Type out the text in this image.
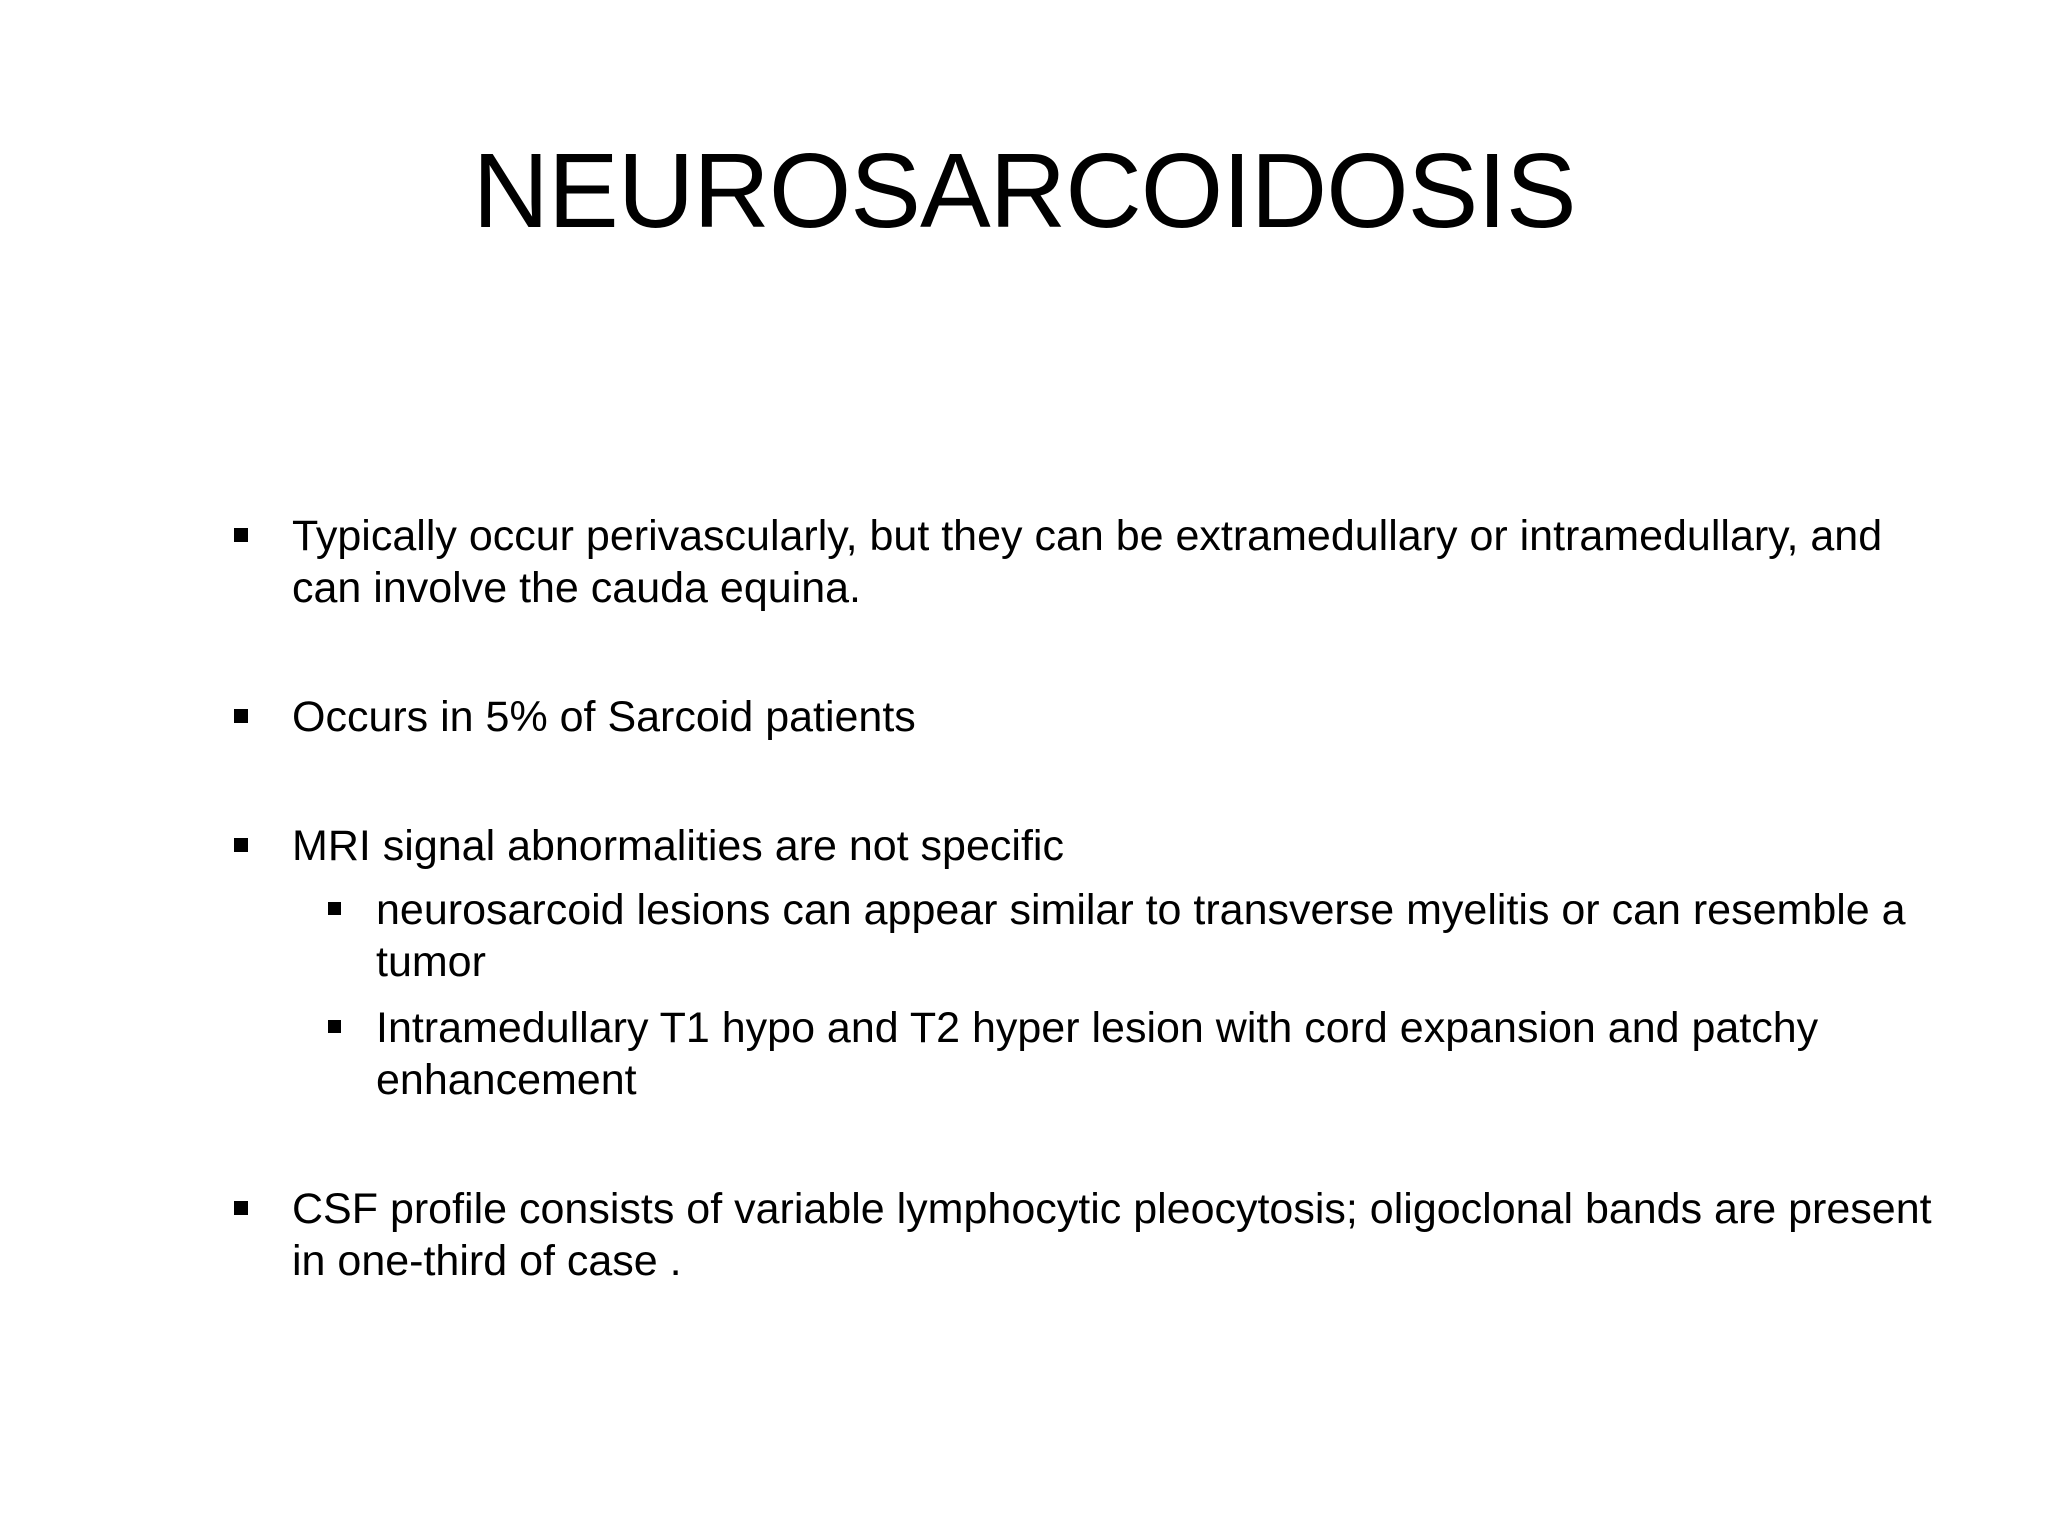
NEUROSARCOIDOSIS
Typically occur perivascularly, but they can be extramedullary or intramedullary, and can involve the cauda equina.
Occurs in 5% of Sarcoid patients
MRI signal abnormalities are not specific
neurosarcoid lesions can appear similar to transverse myelitis or can resemble a tumor
Intramedullary T1 hypo and T2 hyper lesion with cord expansion and patchy enhancement
CSF profile consists of variable lymphocytic pleocytosis; oligoclonal bands are present in one-third of case .
